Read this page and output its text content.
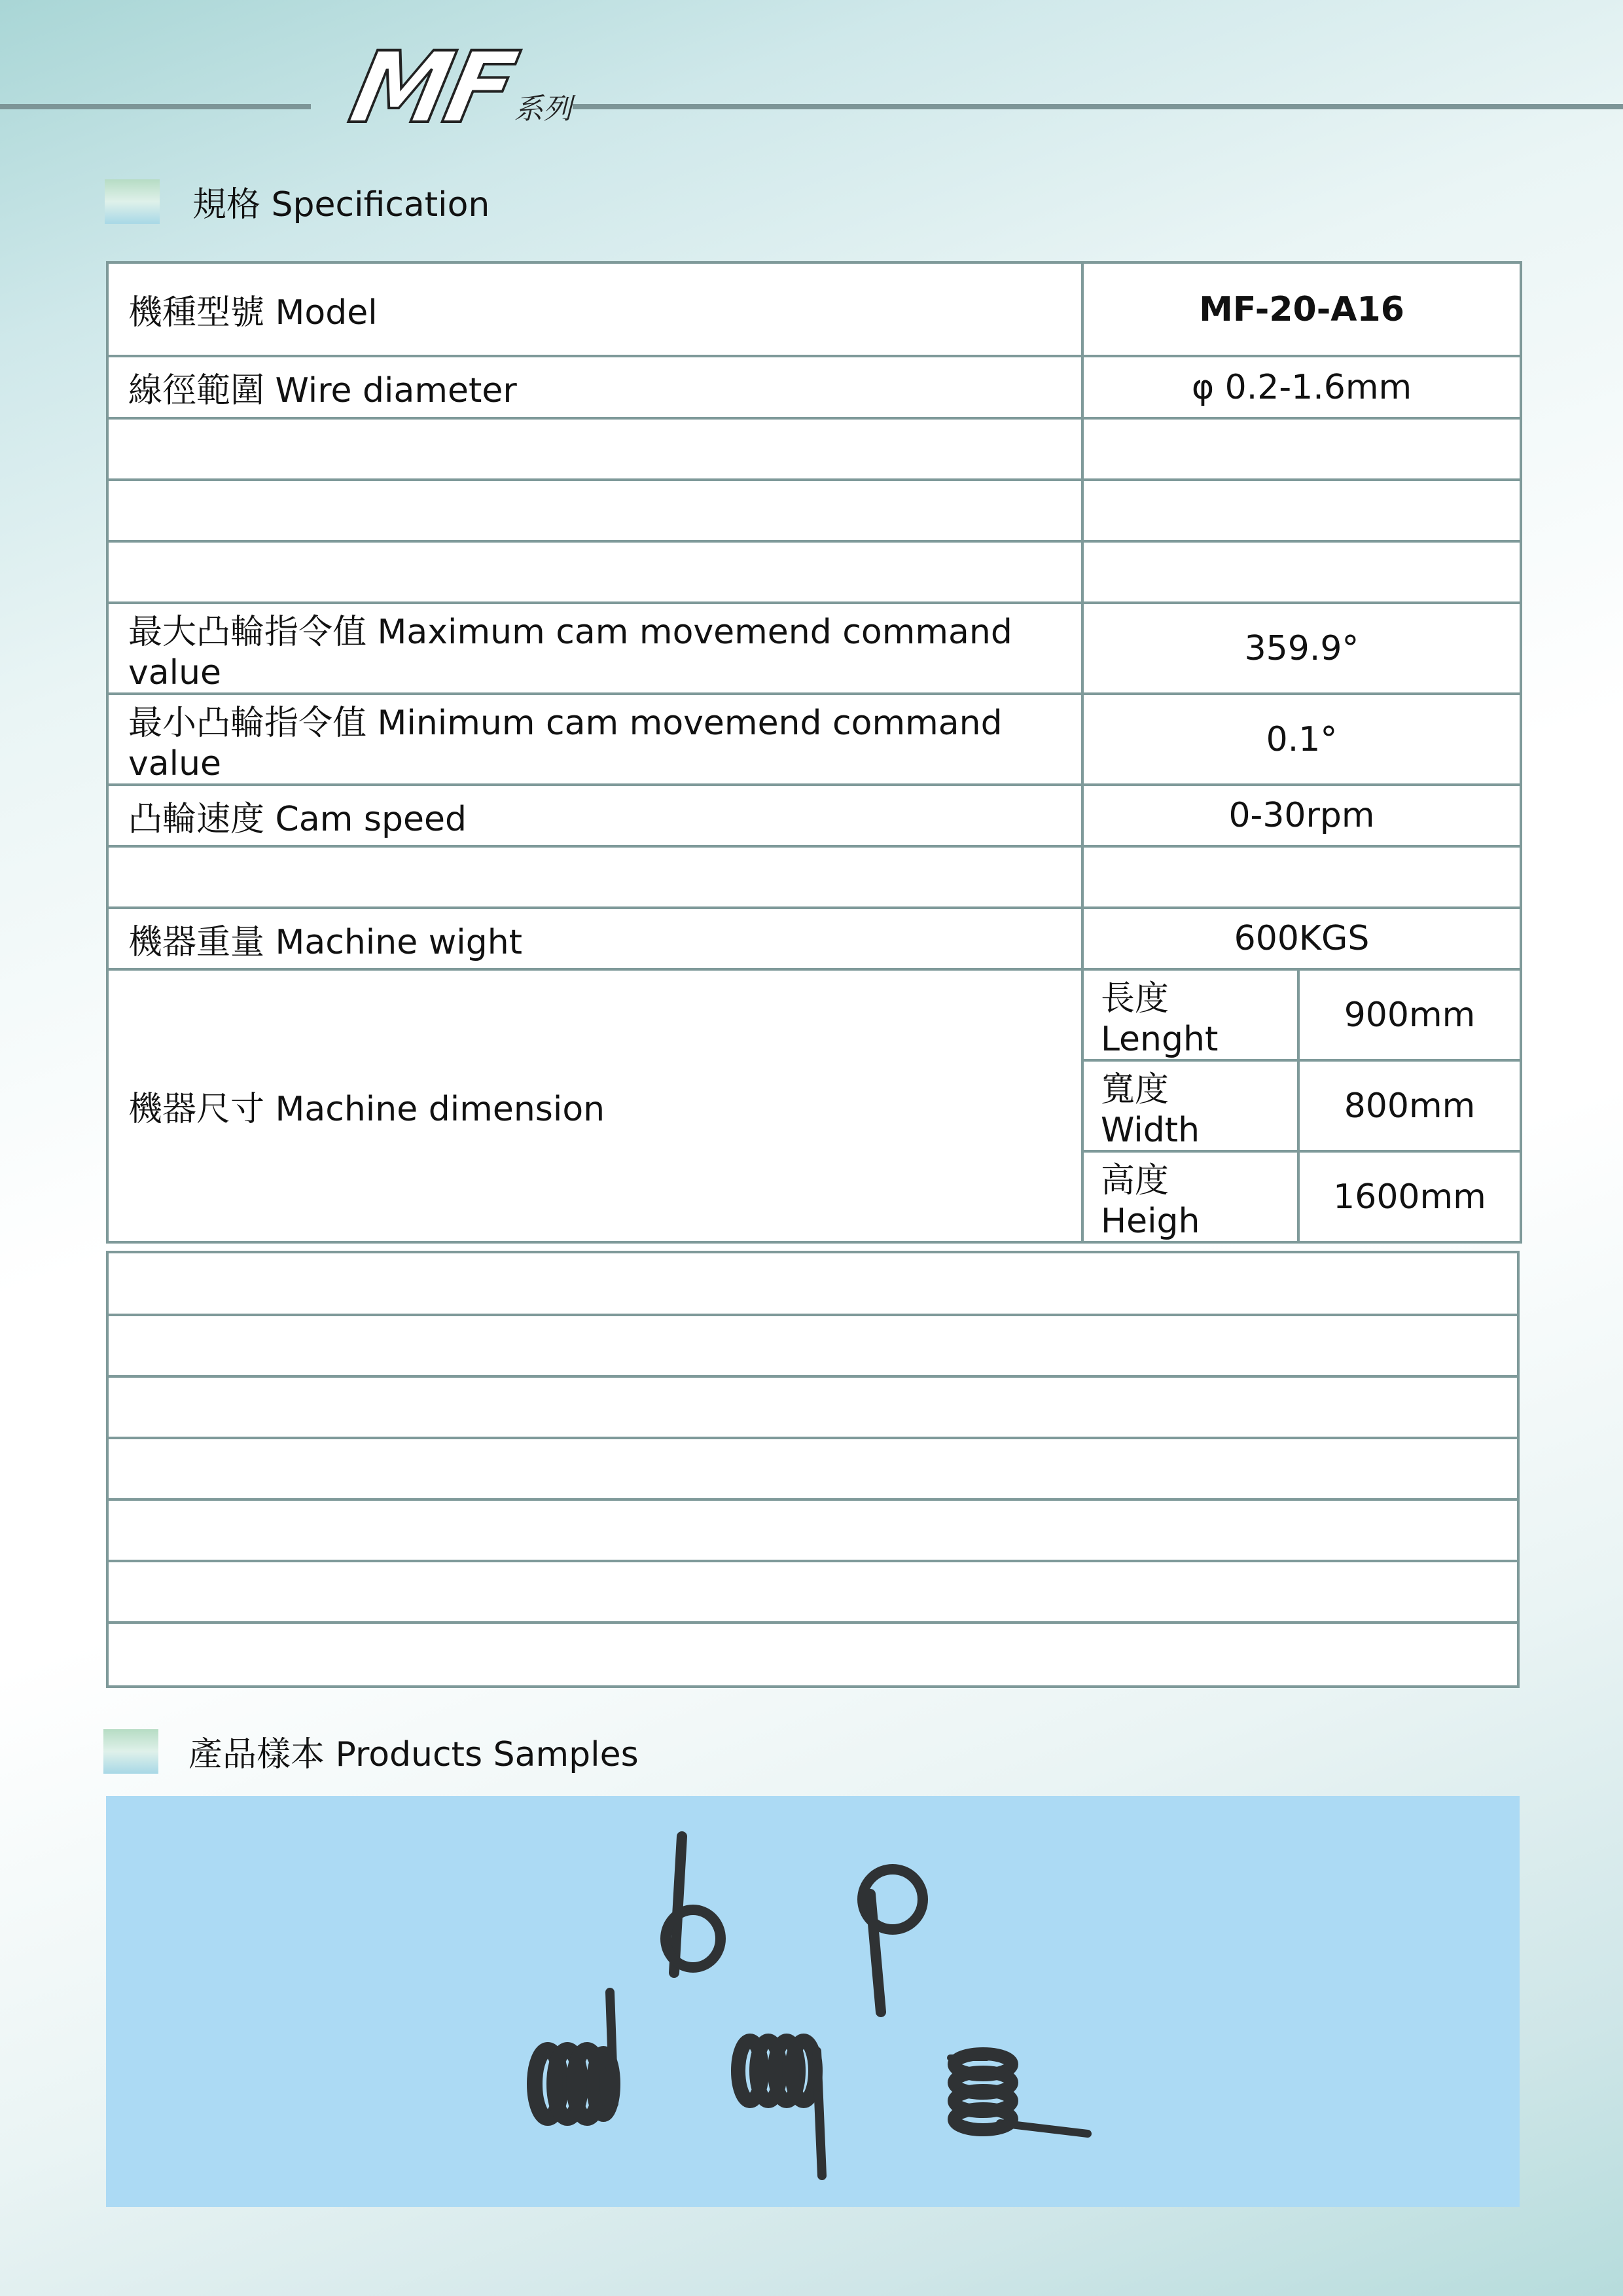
MF
系列
規格 Specification
機種型號 Model	MF-20-A16	
線徑範圍 Wire diameter	φ 0.2-1.6mm	

最大凸輪指令值 Maximum cam movemend command value	359.9°	
最小凸輪指令值 Minimum cam movemend command value	0.1°	
凸輪速度 Cam speed	0-30rpm	

機器重量 Machine wight	600KGS	
機器尺寸 Machine dimension	長度 Lenght	900mm
	寬度 Width	800mm
	高度 Heigh	1600mm

產品樣本 Products Samples
